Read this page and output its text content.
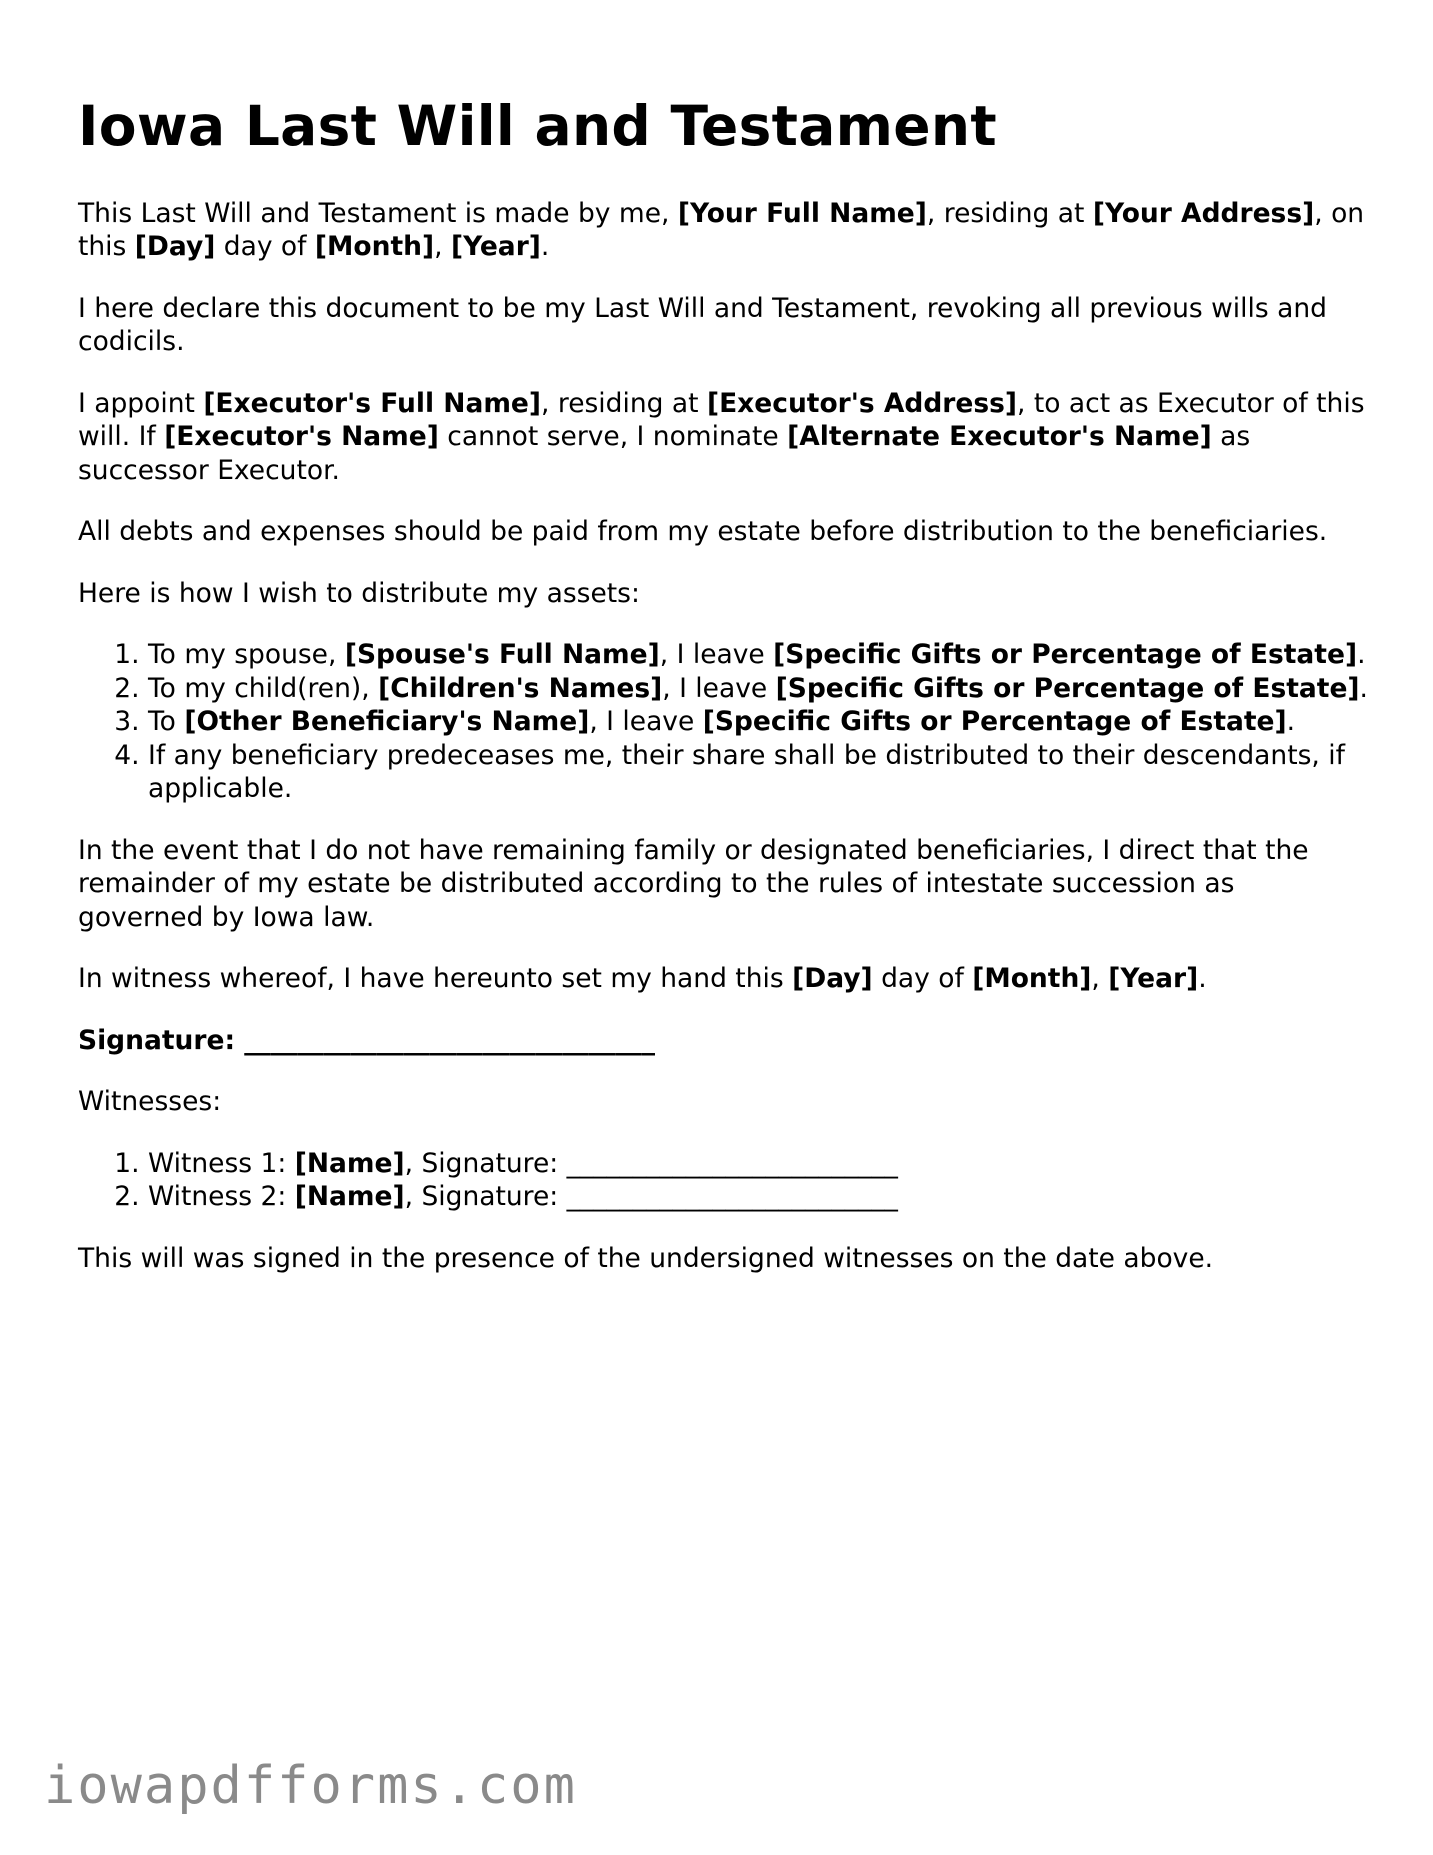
Iowa Last Will and Testament

This Last Will and Testament is made by me, [Your Full Name], residing at [Your Address], on this [Day] day of [Month], [Year].

I here declare this document to be my Last Will and Testament, revoking all previous wills and codicils.

I appoint [Executor's Full Name], residing at [Executor's Address], to act as Executor of this will. If [Executor's Name] cannot serve, I nominate [Alternate Executor's Name] as successor Executor.

All debts and expenses should be paid from my estate before distribution to the beneficiaries.

Here is how I wish to distribute my assets:

1. To my spouse, [Spouse's Full Name], I leave [Specific Gifts or Percentage of Estate].
2. To my child(ren), [Children's Names], I leave [Specific Gifts or Percentage of Estate].
3. To [Other Beneficiary's Name], I leave [Specific Gifts or Percentage of Estate].
4. If any beneficiary predeceases me, their share shall be distributed to their descendants, if applicable.

In the event that I do not have remaining family or designated beneficiaries, I direct that the remainder of my estate be distributed according to the rules of intestate succession as governed by Iowa law.

In witness whereof, I have hereunto set my hand this [Day] day of [Month], [Year].

Signature: _______________________________

Witnesses:

1. Witness 1: [Name], Signature: _________________________
2. Witness 2: [Name], Signature: _________________________

This will was signed in the presence of the undersigned witnesses on the date above.

iowapdfforms.com
